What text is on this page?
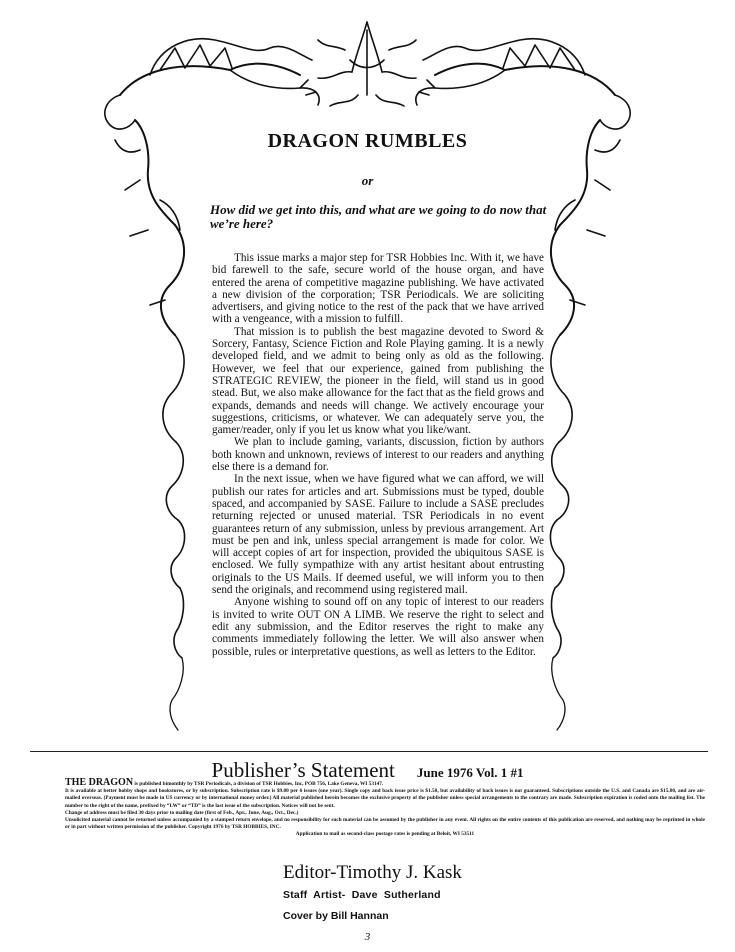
DRAGON RUMBLES
or
How did we get into this, and what are we going to do now that we’re here?

This issue marks a major step for TSR Hobbies Inc. With it, we have bid farewell to the safe, secure world of the house organ, and have entered the arena of competitive magazine publishing. We have activated a new division of the corporation; TSR Periodicals. We are soliciting advertisers, and giving notice to the rest of the pack that we have arrived with a vengeance, with a mission to fulfill.

That mission is to publish the best magazine devoted to Sword & Sorcery, Fantasy, Science Fiction and Role Playing gaming. It is a newly developed field, and we admit to being only as old as the following. However, we feel that our experience, gained from publishing the STRATEGIC REVIEW, the pioneer in the field, will stand us in good stead. But, we also make allowance for the fact that as the field grows and expands, demands and needs will change. We actively encourage your suggestions, criticisms, or whatever. We can adequately serve you, the gamer/reader, only if you let us know what you like/want.

We plan to include gaming, variants, discussion, fiction by authors both known and unknown, reviews of interest to our readers and anything else there is a demand for.

In the next issue, when we have figured what we can afford, we will publish our rates for articles and art. Submissions must be typed, double spaced, and accompanied by SASE. Failure to include a SASE precludes returning rejected or unused material. TSR Periodicals in no event guarantees return of any submission, unless by previous arrangement. Art must be pen and ink, unless special arrangement is made for color. We will accept copies of art for inspection, provided the ubiquitous SASE is enclosed. We fully sympathize with any artist hesitant about entrusting originals to the US Mails. If deemed useful, we will inform you to then send the originals, and recommend using registered mail.

Anyone wishing to sound off on any topic of interest to our readers is invited to write OUT ON A LIMB. We reserve the right to select and edit any submission, and the Editor reserves the right to make any comments immediately following the letter. We will also answer when possible, rules or interpretative questions, as well as letters to the Editor.

Publisher’s Statement June 1976 Vol. 1 #1

THE DRAGON is published bimonthly by TSR Periodicals, a division of TSR Hobbies, Inc, POB 756, Lake Geneva, WI 53147.

It is available at better hobby shops and bookstores, or by subscription. Subscription rate is $9.00 per 6 issues (one year). Single copy and back issue price is $1.50, but availability of back issues is not guaranteed. Subscriptions outside the U.S. and Canada are $15.00, and are air-mailed overseas. (Payment must be made in US currency or by international money order.) All material published herein becomes the exclusive property of the publisher unless special arrangements to the contrary are made. Subscription expiration is coded onto the mailing list. The number to the right of the name, prefixed by “LW” or “TD” is the last issue of the subscription. Notices will not be sent.

Change of address must be filed 30 days prior to mailing date (first of Feb., Apr., June, Aug., Oct., Dec.)

Unsolicited material cannot be returned unless accompanied by a stamped return envelope, and no responsibility for such material can be assumed by the publisher in any event. All rights on the entire contents of this publication are reserved, and nothing may be reprinted in whole or in part without written permission of the publisher. Copyright 1976 by TSR HOBBIES, INC.

Application to mail as second-class postage rates is pending at Beloit, WI 53511

Editor-Timothy J. Kask
Staff  Artist-  Dave  Sutherland
Cover by Bill Hannan
3
